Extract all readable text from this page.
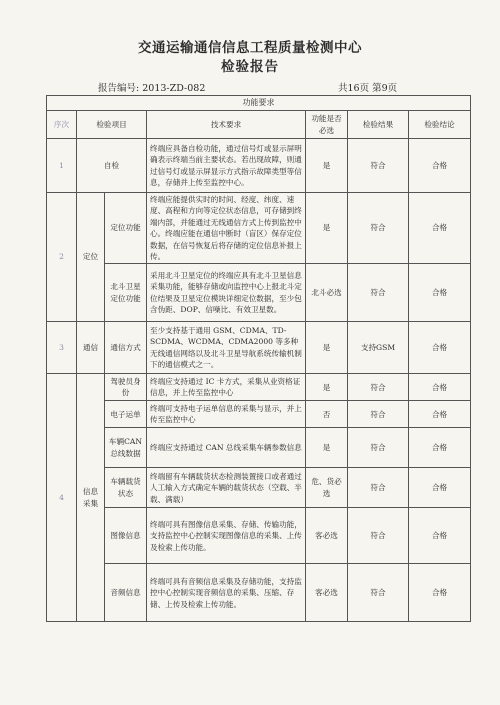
交通运输通信信息工程质量检测中心
检验报告
报告编号: 2013-ZD-082	共16页 第9页
功能要求						
序次	检验项目		技术要求	功能是否必选	检验结果	检验结论
1	自检		终端应具备自检功能，通过信号灯或显示屏明确表示终端当前主要状态。若出现故障，则通过信号灯或显示屏显示方式指示故障类型等信息，存储并上传至监控中心。	是	符合	合格
2	定位	定位功能	终端应能提供实时的时间、经度、纬度、速度、高程和方向等定位状态信息，可存储到终端内部，并能通过无线通信方式上传到监控中心。终端应能在通信中断时（盲区）保存定位数据，在信号恢复后将存储的定位信息补报上传。	是	符合	合格
		北斗卫星定位功能	采用北斗卫星定位的终端应具有北斗卫星信息采集功能，能够存储或向监控中心上报北斗定位结果及卫星定位模块详细定位数据，至少包含伪距、DOP、信噪比、有效卫星数。	北斗必选	符合	合格
3	通信	通信方式	至少支持基于通用 GSM、CDMA、TD-SCDMA、WCDMA、CDMA2000 等多种无线通信网络以及北斗卫星导航系统传输机制下的通信模式之一。	是	支持GSM	合格
4	信息采集	驾驶员身份	终端应支持通过 IC 卡方式，采集从业资格证信息，并上传至监控中心	是	符合	合格
		电子运单	终端可支持电子运单信息的采集与显示，并上传至监控中心	否	符合	合格
		车辆CAN总线数据	终端应支持通过 CAN 总线采集车辆参数信息	是	符合	合格
		车辆载货状态	终端留有车辆载货状态检测装置接口或者通过人工输入方式确定车辆的载货状态（空载、半载、满载）	危、货必选	符合	合格
		图像信息	终端可具有图像信息采集、存储、传输功能，支持监控中心控制实现图像信息的采集、上传及检索上传功能。	客必选	符合	合格
		音频信息	终端可具有音频信息采集及存储功能，支持监控中心控制实现音频信息的采集、压缩、存储、上传及检索上传功能。	客必选	符合	合格
